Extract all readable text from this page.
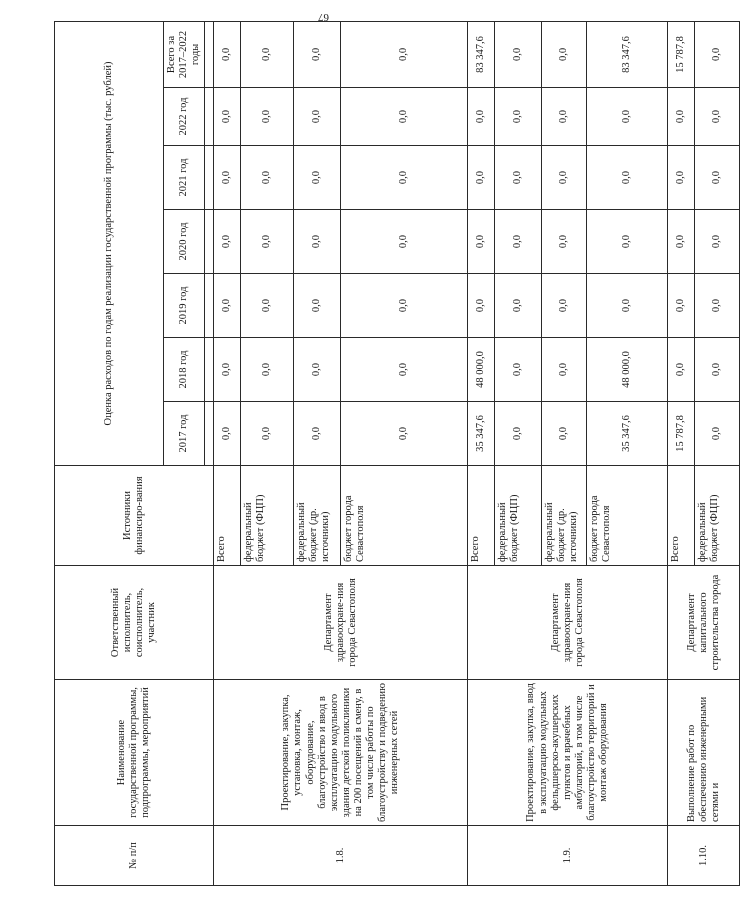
67
№ п/п	Наименование государственной программы, подпрограммы, мероприятий	Ответственный исполнитель, соисполнитель, участник	Источники финансиро-вания	Оценка расходов по годам реализации государственной программы (тыс. рублей)						
				2017 год	2018 год	2019 год	2020 год	2021 год	2022 год	Всего за 2017–2022 годы

1.8.	Проектирование, закупка, установка, монтаж, оборудование, благоустройство и ввод в эксплуатацию модульного здания детской поликлиники на 200 посещений в смену, в том числе работы по благоустройству и подведению инженерных сетей	Департамент здравоохране-ния города Севастополя	Всего	0,0	0,0	0,0	0,0	0,0	0,0	0,0
			федеральный бюджет (ФЦП)	0,0	0,0	0,0	0,0	0,0	0,0	0,0
			федеральный бюджет (др. источники)	0,0	0,0	0,0	0,0	0,0	0,0	0,0
			бюджет города Севастополя	0,0	0,0	0,0	0,0	0,0	0,0	0,0
1.9.	Проектирование, закупка, ввод в эксплуатацию модульных фельдшерско-акушерских пунктов и врачебных амбулаторий, в том числе благоустройство территорий и монтаж оборудования	Департамент здравоохране-ния города Севастополя	Всего	35 347,6	48 000,0	0,0	0,0	0,0	0,0	83 347,6
			федеральный бюджет (ФЦП)	0,0	0,0	0,0	0,0	0,0	0,0	0,0
			федеральный бюджет (др. источники)	0,0	0,0	0,0	0,0	0,0	0,0	0,0
			бюджет города Севастополя	35 347,6	48 000,0	0,0	0,0	0,0	0,0	83 347,6
1.10.	Выполнение работ по обеспечению инженерными сетями и	Департамент капитального строительства города	Всего	15 787,8	0,0	0,0	0,0	0,0	0,0	15 787,8
			федеральный бюджет (ФЦП)	0,0	0,0	0,0	0,0	0,0	0,0	0,0
